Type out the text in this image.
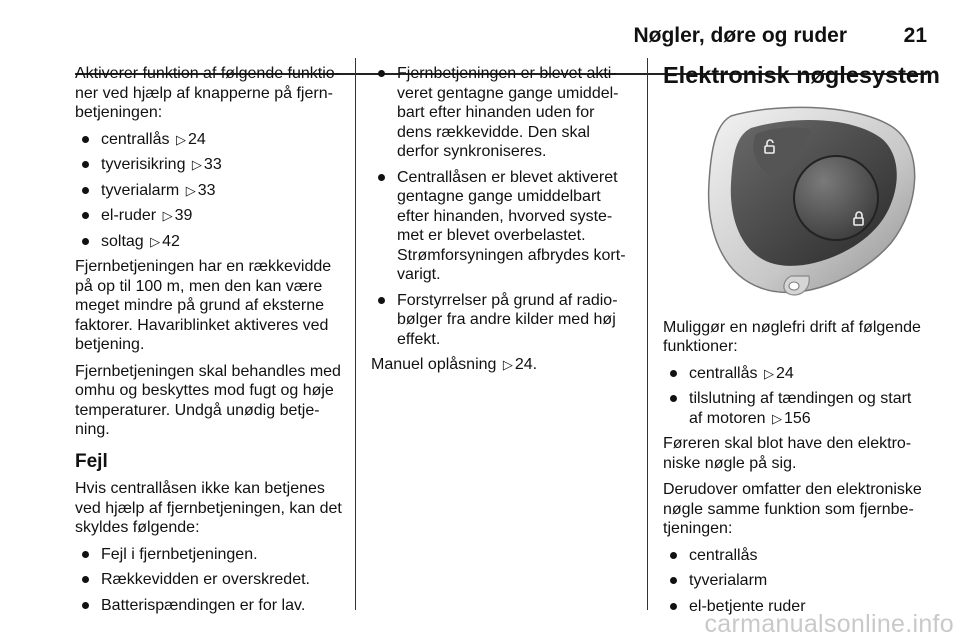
Nøgler, døre og ruder	21

Aktiverer funktion af følgende funktio-ner ved hjælp af knapperne på fjern-betjeningen:

centrallås ▷ 24
tyverisikring ▷ 33
tyverialarm ▷ 33
el-ruder ▷ 39
soltag ▷ 42

Fjernbetjeningen har en rækkevidde på op til 100 m, men den kan være meget mindre på grund af eksterne faktorer. Havariblinket aktiveres ved betjening.

Fjernbetjeningen skal behandles med omhu og beskyttes mod fugt og høje temperaturer. Undgå unødig betje-ning.

Fejl

Hvis centrallåsen ikke kan betjenes ved hjælp af fjernbetjeningen, kan det skyldes følgende:

Fejl i fjernbetjeningen.
Rækkevidden er overskredet.
Batterispændingen er for lav.
Fjernbetjeningen er blevet akti-veret gentagne gange umiddel-bart efter hinanden uden for dens rækkevidde. Den skal derfor synkroniseres.
Centrallåsen er blevet aktiveret gentagne gange umiddelbart efter hinanden, hvorved syste-met er blevet overbelastet. Strømforsyningen afbrydes kort-varigt.
Forstyrrelser på grund af radio-bølger fra andre kilder med høj effekt.

Manuel oplåsning ▷ 24.

Elektronisk nøglesystem

Muliggør en nøglefri drift af følgende funktioner:

centrallås ▷ 24
tilslutning af tændingen og start af motoren ▷ 156

Føreren skal blot have den elektro-niske nøgle på sig.

Derudover omfatter den elektroniske nøgle samme funktion som fjernbe-tjeningen:

centrallås
tyverialarm
el-betjente ruder
carmanualsonline.info
